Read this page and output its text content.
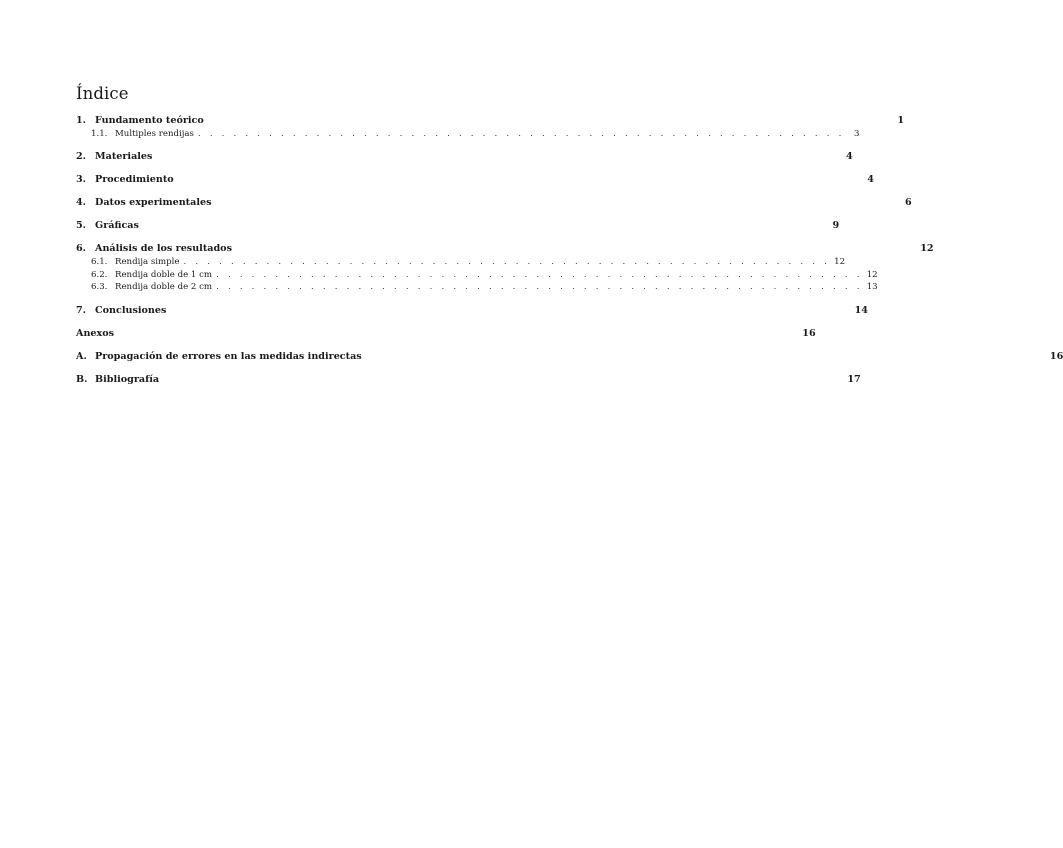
Índice
1. Fundamento teórico	1
1.1. Multiples rendijas . . . . . . . . . . . . . . . . . . . . . . . . . . . . . . . . . . . . . . . . . . . . . . . . . . . . . . .	3
2. Materiales	4
3. Procedimiento	4
4. Datos experimentales	6
5. Gráficas	9
6. Análisis de los resultados	12
6.1. Rendija simple . . . . . . . . . . . . . . . . . . . . . . . . . . . . . . . . . . . . . . . . . . . . . . . . . . . . . . . 12
6.2. Rendija doble de 1 cm . . . . . . . . . . . . . . . . . . . . . . . . . . . . . . . . . . . . . . . . . . . . . . . . . . . . . . . 12
6.3. Rendija doble de 2 cm . . . . . . . . . . . . . . . . . . . . . . . . . . . . . . . . . . . . . . . . . . . . . . . . . . . . . . . 13
7. Conclusiones	14
Anexos	16
A. Propagación de errores en las medidas indirectas	16
B. Bibliografía	17
